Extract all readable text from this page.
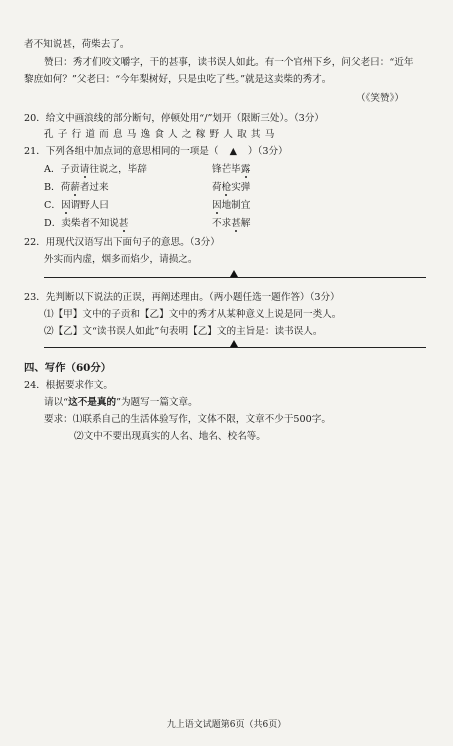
者不知说甚，荷柴去了。
赞曰：秀才们咬文嚼字，干的甚事，读书误人如此。有一个官州下乡，问父老曰：“近年
黎庶如何？”父老曰：“今年梨树好，只是虫吃了些。”就是这卖柴的秀才。
（《笑赞》）
20．给文中画浪线的部分断句，停顿处用“/”划开（限断三处）。（3分）
孔子行道而息马逸食人之稼野人取其马
21．下列各组中加点词的意思相同的一项是（ ▲ ）（3分）
A．子贡请往说之，毕辞	锋芒毕露
B．荷薪者过来	荷枪实弹
C．因谓野人曰	因地制宜
D．卖柴者不知说甚	不求甚解
22．用现代汉语写出下面句子的意思。（3分）
外实而内虚，烟多而焰少，请损之。
23．先判断以下说法的正误，再阐述理由。（两小题任选一题作答）（3分）
⑴【甲】文中的子贡和【乙】文中的秀才从某种意义上说是同一类人。
⑵【乙】文“读书误人如此”句表明【乙】文的主旨是：读书误人。
四、写作（60分）
24．根据要求作文。
请以“这不是真的”为题写一篇文章。
要求：⑴联系自己的生活体验写作，文体不限，文章不少于500字。
⑵文中不要出现真实的人名、地名、校名等。
九上语文试题第6页（共6页）
